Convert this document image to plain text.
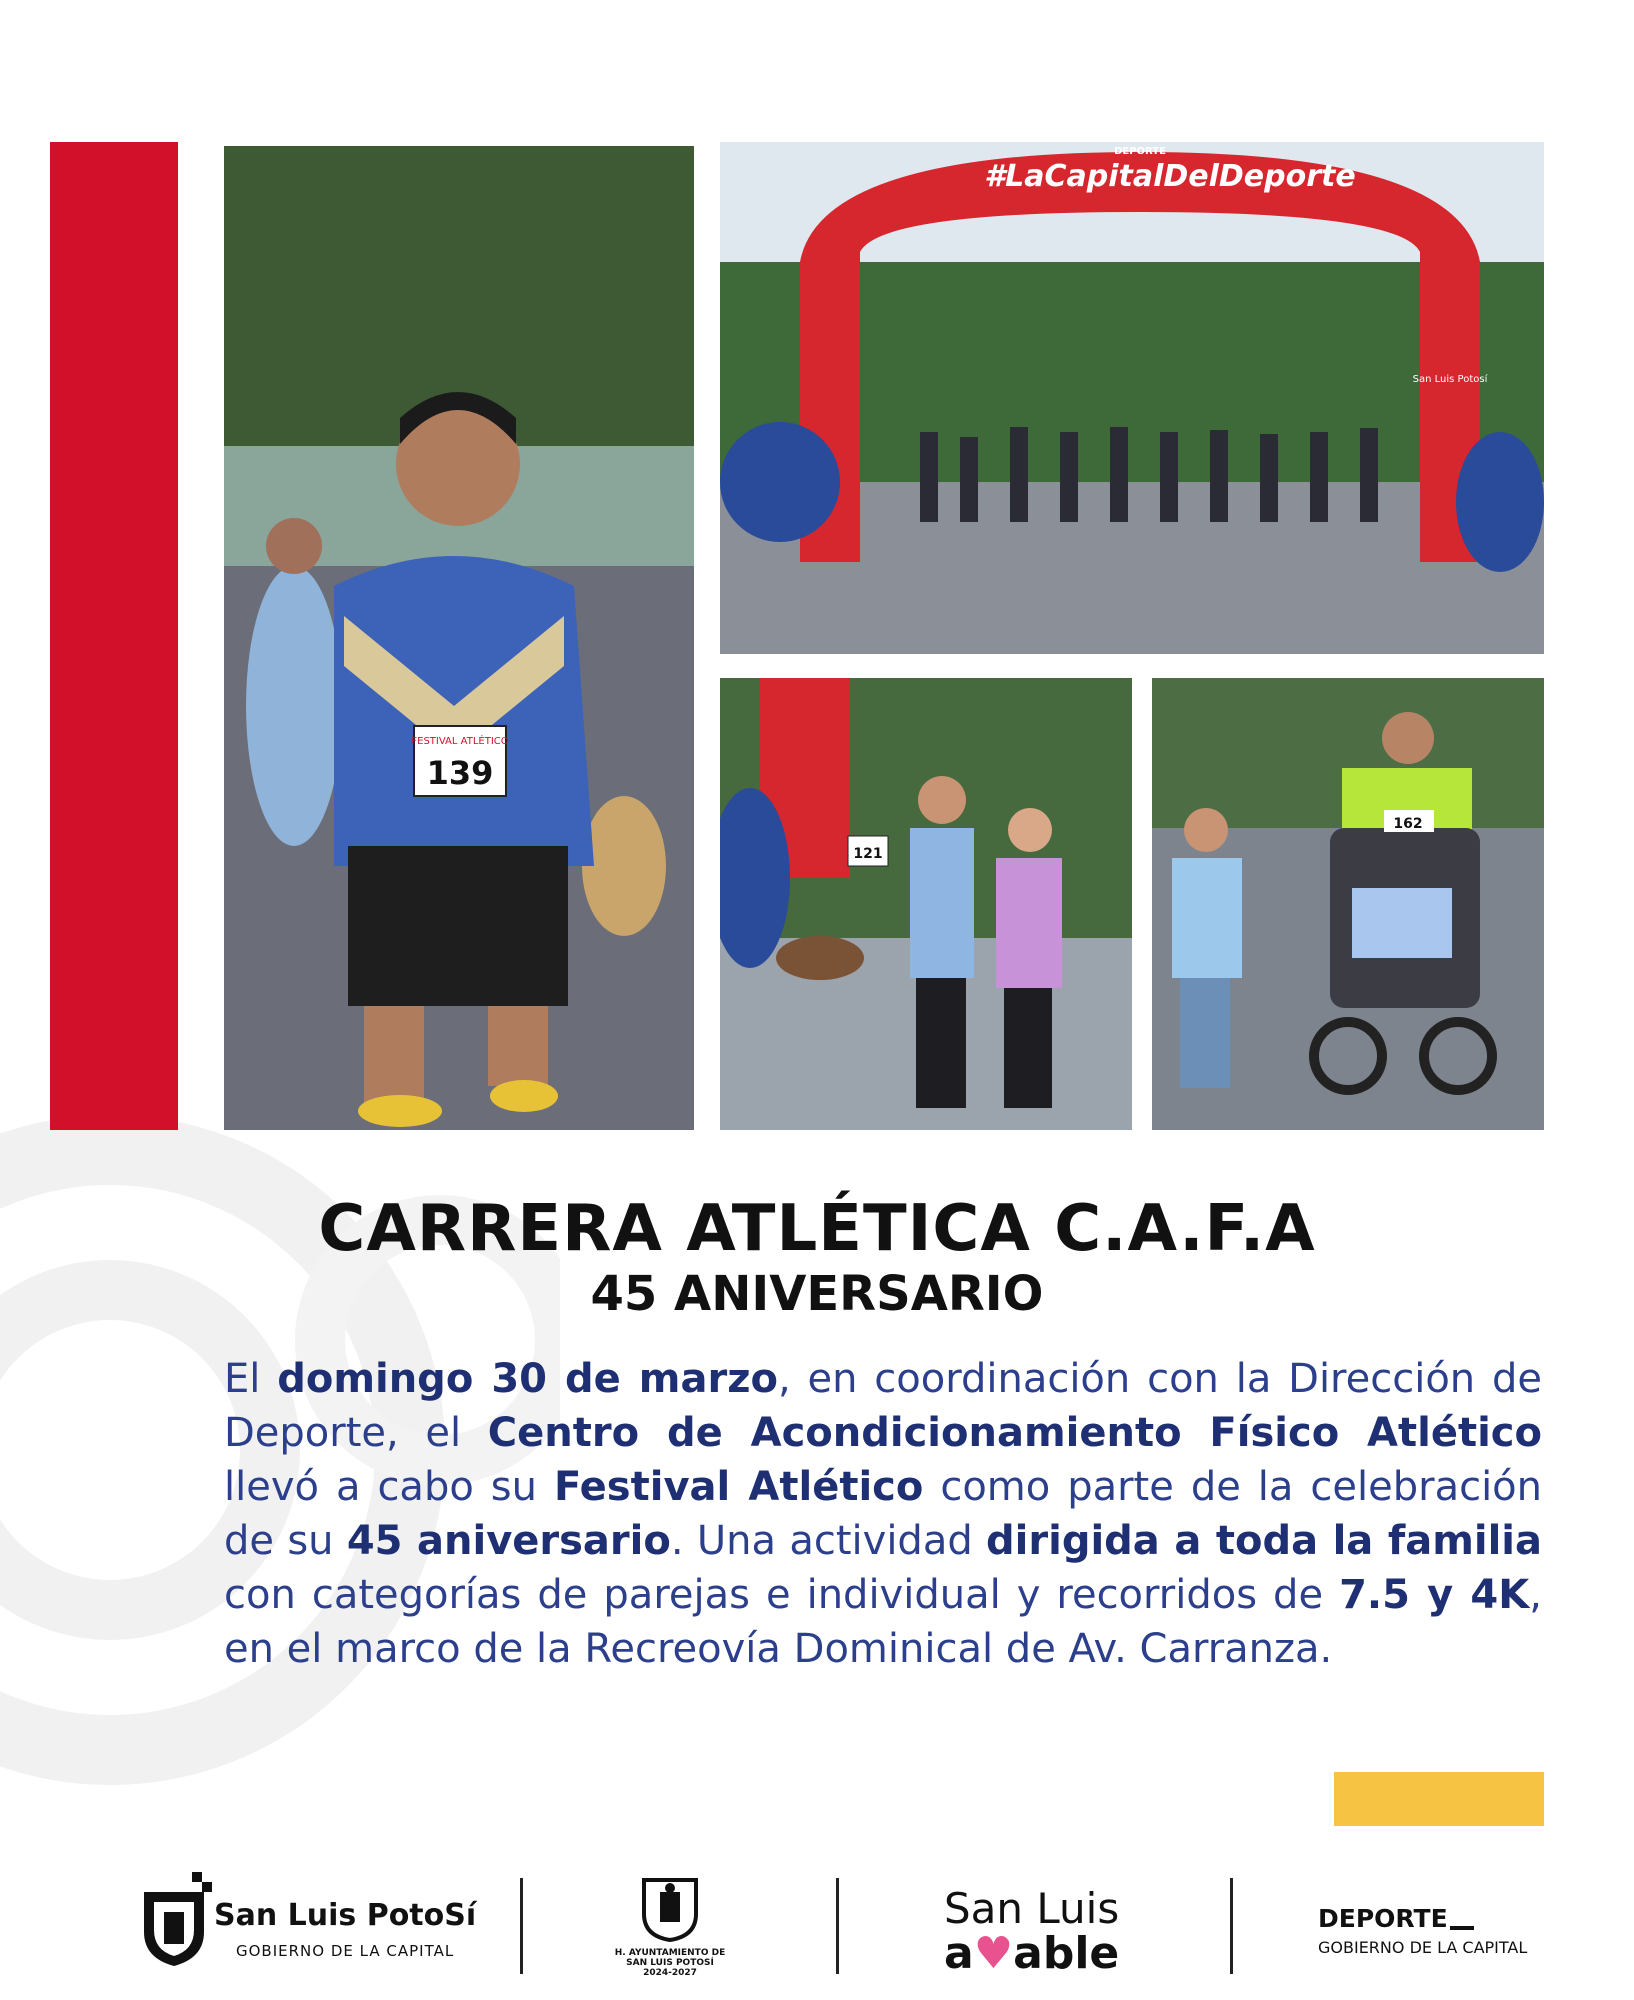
FESTIVAL ATLÉTICO
139
#LaCapitalDelDeporte
DEPORTE
San Luis Potosí
121
162
CARRERA ATLÉTICA C.A.F.A
45 ANIVERSARIO

El domingo 30 de marzo, en coordinación con la Dirección de Deporte, el Centro de Acondicionamiento Físico Atlético llevó a cabo su Festival Atlético como parte de la celebración de su 45 aniversario. Una actividad dirigida a toda la familia con categorías de parejas e individual y recorridos de 7.5 y 4K, en el marco de la Recreovía Dominical de Av. Carranza.

San Luis PotoSí
GOBIERNO DE LA CAPITAL	H. AYUNTAMIENTO DE
SAN LUIS POTOSÍ
2024-2027
San Luis
a♥able
DEPORTE
GOBIERNO DE LA CAPITAL
